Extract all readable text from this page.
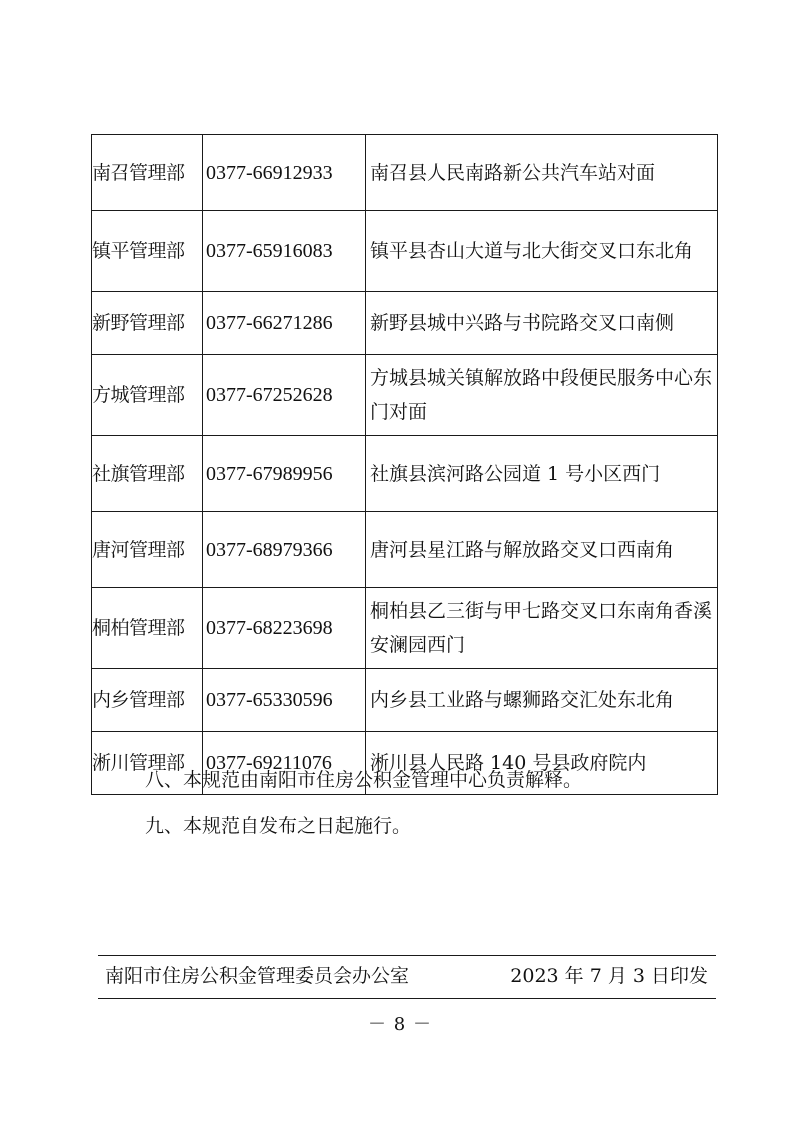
南召管理部	0377-66912933	南召县人民南路新公共汽车站对面
镇平管理部	0377-65916083	镇平县杏山大道与北大街交叉口东北角
新野管理部	0377-66271286	新野县城中兴路与书院路交叉口南侧
方城管理部	0377-67252628	方城县城关镇解放路中段便民服务中心东门对面
社旗管理部	0377-67989956	社旗县滨河路公园道 1 号小区西门
唐河管理部	0377-68979366	唐河县星江路与解放路交叉口西南角
桐柏管理部	0377-68223698	桐柏县乙三街与甲七路交叉口东南角香溪安澜园西门
内乡管理部	0377-65330596	内乡县工业路与螺狮路交汇处东北角
淅川管理部	0377-69211076	淅川县人民路 140 号县政府院内
八、本规范由南阳市住房公积金管理中心负责解释。
九、本规范自发布之日起施行。
南阳市住房公积金管理委员会办公室	2023 年 7 月 3 日印发
－ 8 －
